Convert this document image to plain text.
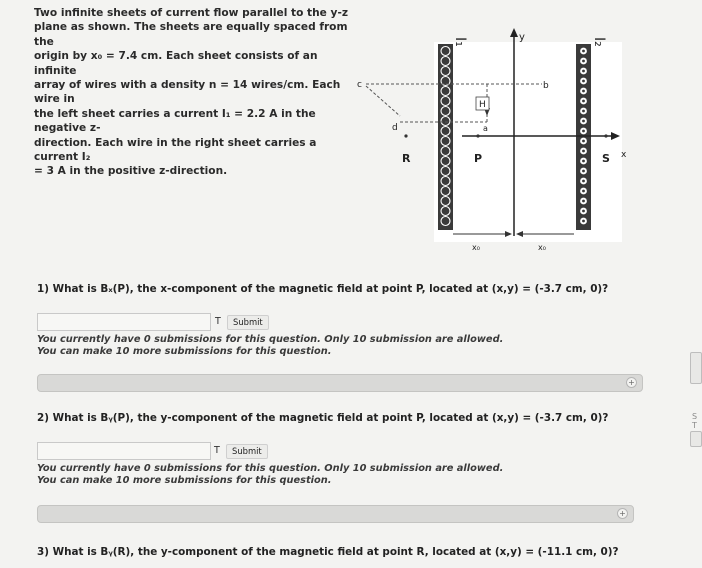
Two infinite sheets of current flow parallel to the y-z
plane as shown. The sheets are equally spaced from the
origin by x₀ = 7.4 cm. Each sheet consists of an infinite
array of wires with a density n = 14 wires/cm. Each wire in
the left sheet carries a current I₁ = 2.2 A in the negative z-
direction. Each wire in the right sheet carries a current I₂
= 3 A in the positive z-direction.
I₁	I₂
y
x
R	P	S
a
b
c
d
H
x₀	x₀
1) What is Bₓ(P), the x-component of the magnetic field at point P, located at (x,y) = (-3.7 cm, 0)?
T	Submit
You currently have 0 submissions for this question. Only 10 submission are allowed.
You can make 10 more submissions for this question.
+
2) What is Bᵧ(P), the y-component of the magnetic field at point P, located at (x,y) = (-3.7 cm, 0)?
T	Submit
You currently have 0 submissions for this question. Only 10 submission are allowed.
You can make 10 more submissions for this question.
+
3) What is Bᵧ(R), the y-component of the magnetic field at point R, located at (x,y) = (-11.1 cm, 0)?
S
T
